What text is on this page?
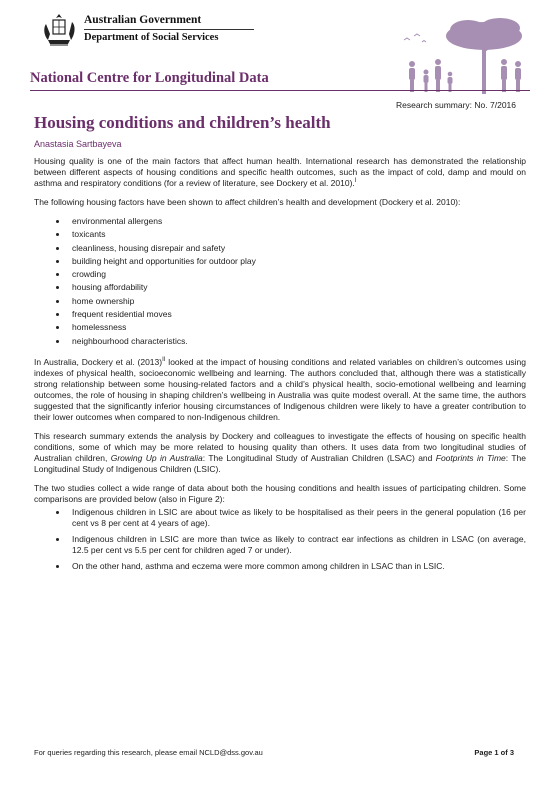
Australian Government
Department of Social Services
National Centre for Longitudinal Data
Research summary: No. 7/2016
Housing conditions and children’s health
Anastasia Sartbayeva

Housing quality is one of the main factors that affect human health. International research has demonstrated the relationship between different aspects of housing conditions and specific health outcomes, such as the impact of cold, damp and mould on asthma and respiratory conditions (for a review of literature, see Dockery et al. 2010).$^I$

The following housing factors have been shown to affect children’s health and development (Dockery et al. 2010):

• environmental allergens
• toxicants
• cleanliness, housing disrepair and safety
• building height and opportunities for outdoor play
• crowding
• housing affordability
• home ownership
• frequent residential moves
• homelessness
• neighbourhood characteristics.

In Australia, Dockery et al. $(2013)^{II}$ looked at the impact of housing conditions and related variables on children’s outcomes using indexes of physical health, socioeconomic wellbeing and learning. The authors concluded that, although there was a statistically strong relationship between some housing-related factors and a child’s physical health, socio-emotional wellbeing and learning outcomes, the role of housing in shaping children’s wellbeing in Australia was quite modest overall. At the same time, the authors suggested that the significantly inferior housing circumstances of Indigenous children were likely to have a greater contribution to their lower outcomes when compared to non-Indigenous children.

This research summary extends the analysis by Dockery and colleagues to investigate the effects of housing on specific health conditions, some of which may be more related to housing quality than others. It uses data from two longitudinal studies of Australian children, Growing Up in Australia: The Longitudinal Study of Australian Children (LSAC) and Footprints in Time: The Longitudinal Study of Indigenous Children (LSIC).

The two studies collect a wide range of data about both the housing conditions and health issues of participating children. Some comparisons are provided below (also in Figure 2):

• Indigenous children in LSIC are about twice as likely to be hospitalised as their peers in the general population (16 per cent vs 8 per cent at 4 years of age).
• Indigenous children in LSIC are more than twice as likely to contract ear infections as children in LSAC (on average, 12.5 per cent vs 5.5 per cent for children aged 7 or under).
• On the other hand, asthma and eczema were more common among children in LSAC than in LSIC.
For queries regarding this research, please email NCLD@dss.gov.au	Page 1 of 3
